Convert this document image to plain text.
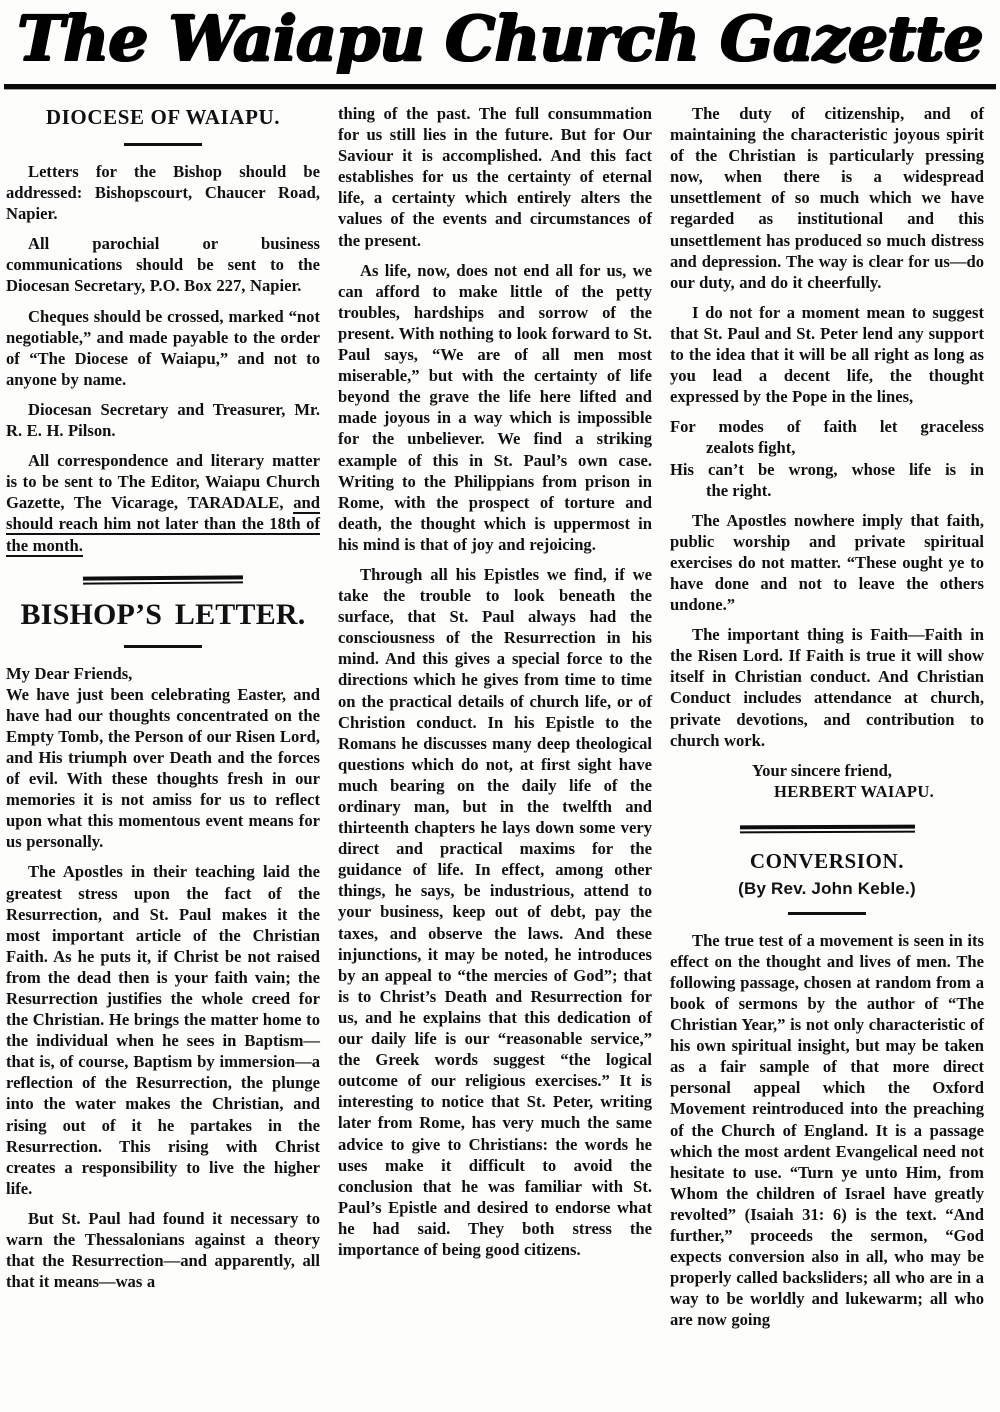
The Waiapu Church Gazette
DIOCESE OF WAIAPU.

Letters for the Bishop should be addressed: Bishopscourt, Chaucer Road, Napier.

All parochial or business communications should be sent to the Diocesan Secretary, P.O. Box 227, Napier.

Cheques should be crossed, marked “not negotiable,” and made payable to the order of “The Diocese of Waiapu,” and not to anyone by name.

Diocesan Secretary and Treasurer, Mr. R. E. H. Pilson.

All correspondence and literary matter is to be sent to The Editor, Waiapu Church Gazette, The Vicarage, TARADALE, and should reach him not later than the 18th of the month.

BISHOP’S LETTER.

My Dear Friends,

We have just been celebrating Easter, and have had our thoughts concentrated on the Empty Tomb, the Person of our Risen Lord, and His triumph over Death and the forces of evil. With these thoughts fresh in our memories it is not amiss for us to reflect upon what this momentous event means for us personally.

The Apostles in their teaching laid the greatest stress upon the fact of the Resurrection, and St. Paul makes it the most important article of the Christian Faith. As he puts it, if Christ be not raised from the dead then is your faith vain; the Resurrection justifies the whole creed for the Christian. He brings the matter home to the individual when he sees in Baptism—that is, of course, Baptism by immersion—a reflection of the Resurrection, the plunge into the water makes the Christian, and rising out of it he partakes in the Resurrection. This rising with Christ creates a responsibility to live the higher life.

But St. Paul had found it necessary to warn the Thessalonians against a theory that the Resurrection—and apparently, all that it means—was a

thing of the past. The full consummation for us still lies in the future. But for Our Saviour it is accomplished. And this fact establishes for us the certainty of eternal life, a certainty which entirely alters the values of the events and circumstances of the present.

As life, now, does not end all for us, we can afford to make little of the petty troubles, hardships and sorrow of the present. With nothing to look forward to St. Paul says, “We are of all men most miserable,” but with the certainty of life beyond the grave the life here lifted and made joyous in a way which is impossible for the unbeliever. We find a striking example of this in St. Paul’s own case. Writing to the Philippians from prison in Rome, with the prospect of torture and death, the thought which is uppermost in his mind is that of joy and rejoicing.

Through all his Epistles we find, if we take the trouble to look beneath the surface, that St. Paul always had the consciousness of the Resurrection in his mind. And this gives a special force to the directions which he gives from time to time on the practical details of church life, or of Christion conduct. In his Epistle to the Romans he discusses many deep theological questions which do not, at first sight have much bearing on the daily life of the ordinary man, but in the twelfth and thirteenth chapters he lays down some very direct and practical maxims for the guidance of life. In effect, among other things, he says, be industrious, attend to your business, keep out of debt, pay the taxes, and observe the laws. And these injunctions, it may be noted, he introduces by an appeal to “the mercies of God”; that is to Christ’s Death and Resurrection for us, and he explains that this dedication of our daily life is our “reasonable service,” the Greek words suggest “the logical outcome of our religious exercises.” It is interesting to notice that St. Peter, writing later from Rome, has very much the same advice to give to Christians: the words he uses make it difficult to avoid the conclusion that he was familiar with St. Paul’s Epistle and desired to endorse what he had said. They both stress the importance of being good citizens.

The duty of citizenship, and of maintaining the characteristic joyous spirit of the Christian is particularly pressing now, when there is a widespread unsettlement of so much which we have regarded as institutional and this unsettlement has produced so much distress and depression. The way is clear for us—do our duty, and do it cheerfully.

I do not for a moment mean to suggest that St. Paul and St. Peter lend any support to the idea that it will be all right as long as you lead a decent life, the thought expressed by the Pope in the lines,

For modes of faith let graceless
zealots fight,
His can’t be wrong, whose life is in
the right.

The Apostles nowhere imply that faith, public worship and private spiritual exercises do not matter. “These ought ye to have done and not to leave the others undone.”

The important thing is Faith—Faith in the Risen Lord. If Faith is true it will show itself in Christian conduct. And Christian Conduct includes attendance at church, private devotions, and contribution to church work.

Your sincere friend,
HERBERT WAIAPU.
CONVERSION.
(By Rev. John Keble.)

The true test of a movement is seen in its effect on the thought and lives of men. The following passage, chosen at random from a book of sermons by the author of “The Christian Year,” is not only characteristic of his own spiritual insight, but may be taken as a fair sample of that more direct personal appeal which the Oxford Movement reintroduced into the preaching of the Church of England. It is a passage which the most ardent Evangelical need not hesitate to use. “Turn ye unto Him, from Whom the children of Israel have greatly revolted” (Isaiah 31: 6) is the text. “And further,” proceeds the sermon, “God expects conversion also in all, who may be properly called backsliders; all who are in a way to be worldly and lukewarm; all who are now going
